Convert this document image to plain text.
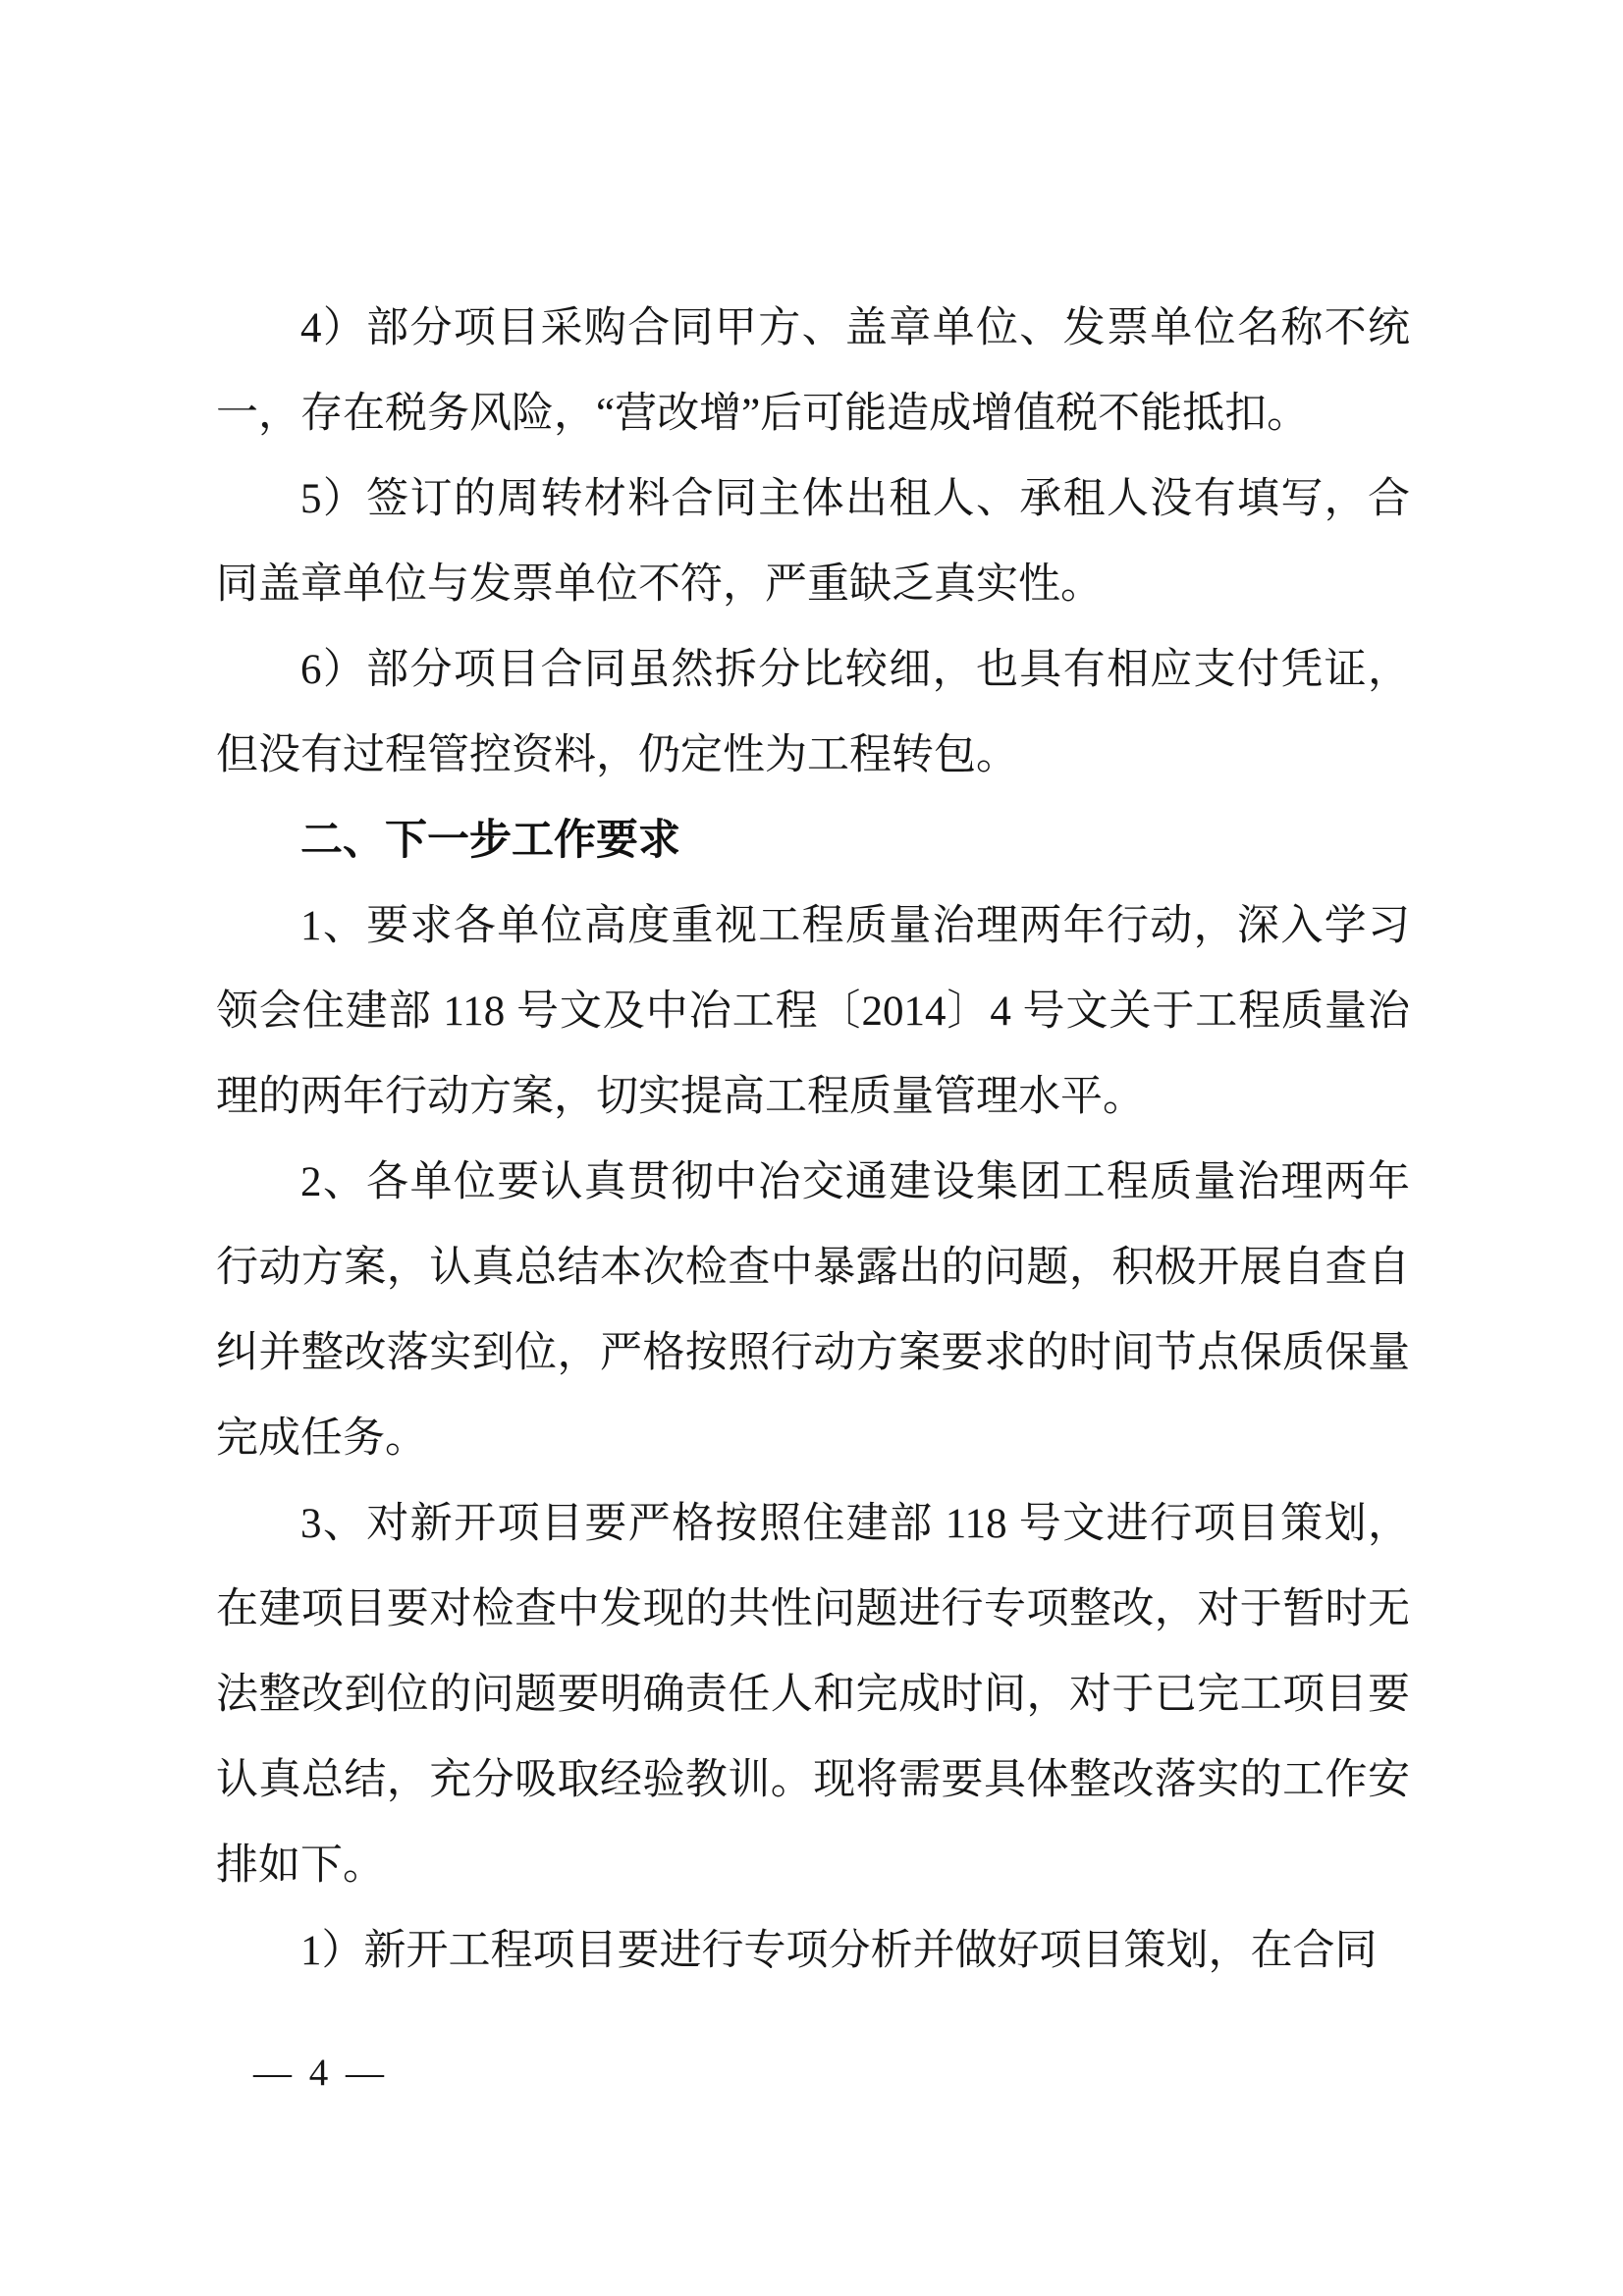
4）部分项目采购合同甲方、盖章单位、发票单位名称不统一，存在税务风险，“营改增”后可能造成增值税不能抵扣。

5）签订的周转材料合同主体出租人、承租人没有填写，合同盖章单位与发票单位不符，严重缺乏真实性。

6）部分项目合同虽然拆分比较细，也具有相应支付凭证，但没有过程管控资料，仍定性为工程转包。

二、下一步工作要求

1、要求各单位高度重视工程质量治理两年行动，深入学习领会住建部 118 号文及中冶工程〔2014〕4 号文关于工程质量治理的两年行动方案，切实提高工程质量管理水平。

2、各单位要认真贯彻中冶交通建设集团工程质量治理两年行动方案，认真总结本次检查中暴露出的问题，积极开展自查自纠并整改落实到位，严格按照行动方案要求的时间节点保质保量完成任务。

3、对新开项目要严格按照住建部 118 号文进行项目策划，在建项目要对检查中发现的共性问题进行专项整改，对于暂时无法整改到位的问题要明确责任人和完成时间，对于已完工项目要认真总结，充分吸取经验教训。现将需要具体整改落实的工作安排如下。

1）新开工程项目要进行专项分析并做好项目策划，在合同

— 4 —
